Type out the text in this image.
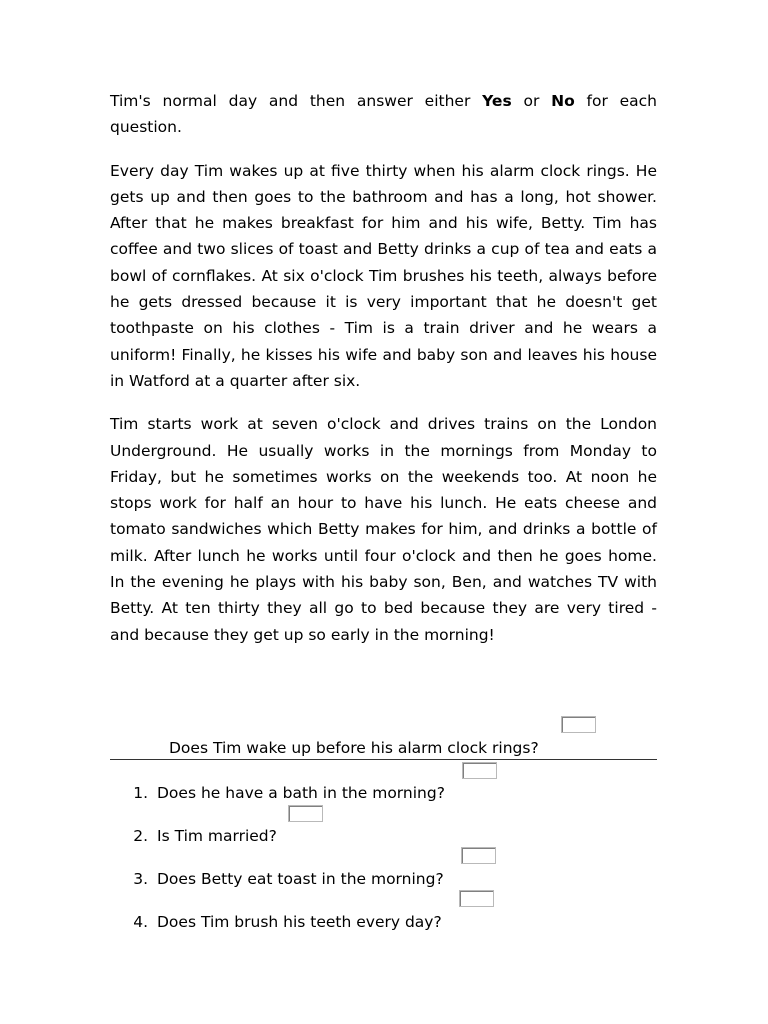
Tim's normal day and then answer either Yes or No for each question.

Every day Tim wakes up at five thirty when his alarm clock rings. He gets up and then goes to the bathroom and has a long, hot shower. After that he makes breakfast for him and his wife, Betty. Tim has coffee and two slices of toast and Betty drinks a cup of tea and eats a bowl of cornflakes. At six o'clock Tim brushes his teeth, always before he gets dressed because it is very important that he doesn't get toothpaste on his clothes - Tim is a train driver and he wears a uniform! Finally, he kisses his wife and baby son and leaves his house in Watford at a quarter after six.

Tim starts work at seven o'clock and drives trains on the London Underground. He usually works in the mornings from Monday to Friday, but he sometimes works on the weekends too. At noon he stops work for half an hour to have his lunch. He eats cheese and tomato sandwiches which Betty makes for him, and drinks a bottle of milk. After lunch he works until four o'clock and then he goes home. In the evening he plays with his baby son, Ben, and watches TV with Betty. At ten thirty they all go to bed because they are very tired - and because they get up so early in the morning!

Does Tim wake up before his alarm clock rings?
1. Does he have a bath in the morning?
2. Is Tim married?
3. Does Betty eat toast in the morning?
4. Does Tim brush his teeth every day?
